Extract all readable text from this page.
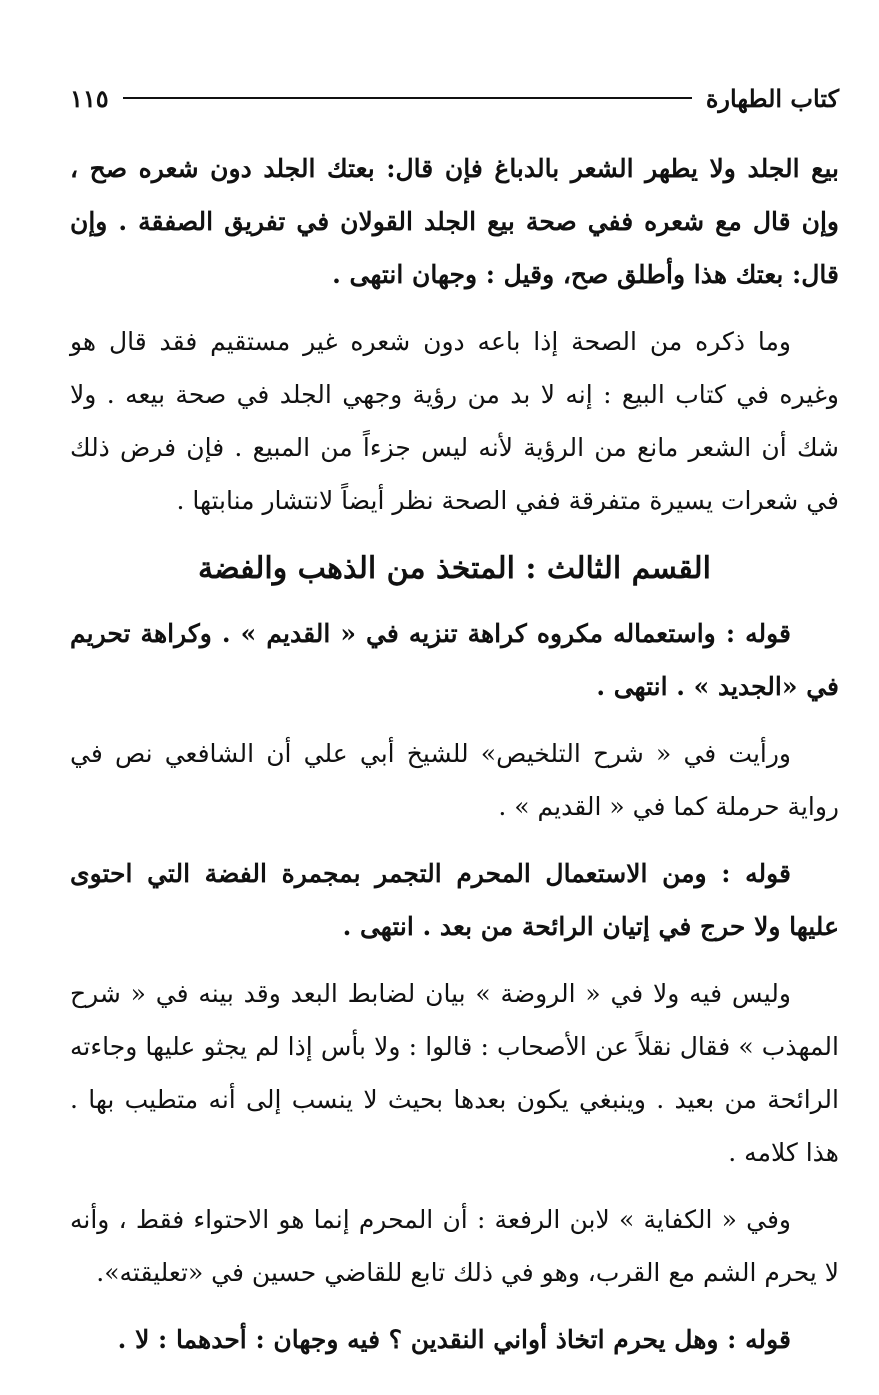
كتاب الطهارة
١١٥

بيع الجلد ولا يطهر الشعر بالدباغ فإن قال: بعتك الجلد دون شعره صح ، وإن قال مع شعره ففي صحة بيع الجلد القولان في تفريق الصفقة . وإن قال: بعتك هذا وأطلق صح، وقيل : وجهان انتهى .

وما ذكره من الصحة إذا باعه دون شعره غير مستقيم فقد قال هو وغيره في كتاب البيع : إنه لا بد من رؤية وجهي الجلد في صحة بيعه . ولا شك أن الشعر مانع من الرؤية لأنه ليس جزءاً من المبيع . فإن فرض ذلك في شعرات يسيرة متفرقة ففي الصحة نظر أيضاً لانتشار منابتها .

القسم الثالث : المتخذ من الذهب والفضة

قوله : واستعماله مكروه كراهة تنزيه في « القديم » . وكراهة تحريم في «الجديد » . انتهى .

ورأيت في « شرح التلخيص» للشيخ أبي علي أن الشافعي نص في رواية حرملة كما في « القديم » .

قوله : ومن الاستعمال المحرم التجمر بمجمرة الفضة التي احتوى عليها ولا حرج في إتيان الرائحة من بعد . انتهى .

وليس فيه ولا في « الروضة » بيان لضابط البعد وقد بينه في « شرح المهذب » فقال نقلاً عن الأصحاب : قالوا : ولا بأس إذا لم يجثو عليها وجاءته الرائحة من بعيد . وينبغي يكون بعدها بحيث لا ينسب إلى أنه متطيب بها . هذا كلامه .

وفي « الكفاية » لابن الرفعة : أن المحرم إنما هو الاحتواء فقط ، وأنه لا يحرم الشم مع القرب، وهو في ذلك تابع للقاضي حسين في «تعليقته».

قوله : وهل يحرم اتخاذ أواني النقدين ؟ فيه وجهان : أحدهما : لا .
